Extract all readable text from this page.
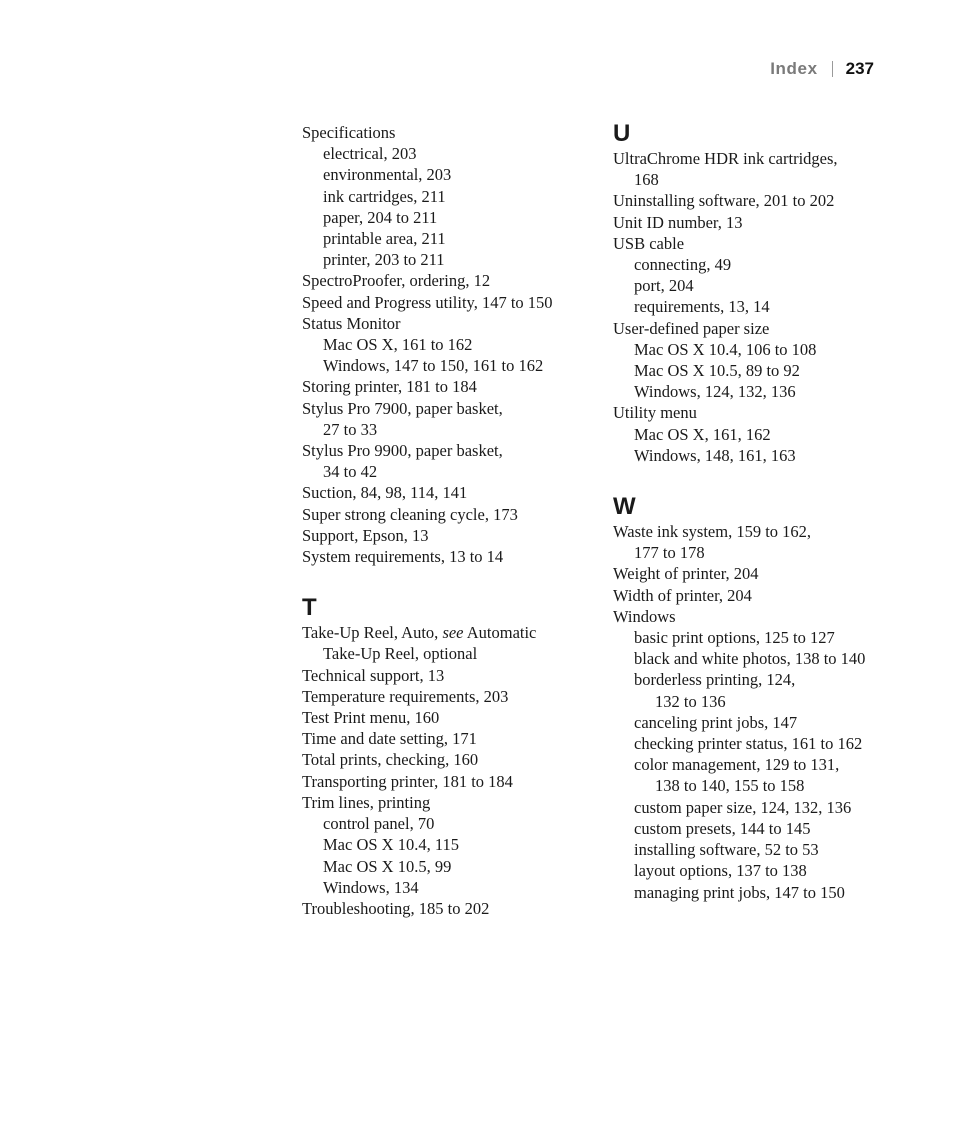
Index 237
Specifications
electrical, 203
environmental, 203
ink cartridges, 211
paper, 204 to 211
printable area, 211
printer, 203 to 211
SpectroProofer, ordering, 12
Speed and Progress utility, 147 to 150
Status Monitor
Mac OS X, 161 to 162
Windows, 147 to 150, 161 to 162
Storing printer, 181 to 184
Stylus Pro 7900, paper basket,
27 to 33
Stylus Pro 9900, paper basket,
34 to 42
Suction, 84, 98, 114, 141
Super strong cleaning cycle, 173
Support, Epson, 13
System requirements, 13 to 14
T
Take-Up Reel, Auto, see Automatic
Take-Up Reel, optional
Technical support, 13
Temperature requirements, 203
Test Print menu, 160
Time and date setting, 171
Total prints, checking, 160
Transporting printer, 181 to 184
Trim lines, printing
control panel, 70
Mac OS X 10.4, 115
Mac OS X 10.5, 99
Windows, 134
Troubleshooting, 185 to 202
U
UltraChrome HDR ink cartridges,
168
Uninstalling software, 201 to 202
Unit ID number, 13
USB cable
connecting, 49
port, 204
requirements, 13, 14
User-defined paper size
Mac OS X 10.4, 106 to 108
Mac OS X 10.5, 89 to 92
Windows, 124, 132, 136
Utility menu
Mac OS X, 161, 162
Windows, 148, 161, 163
W
Waste ink system, 159 to 162,
177 to 178
Weight of printer, 204
Width of printer, 204
Windows
basic print options, 125 to 127
black and white photos, 138 to 140
borderless printing, 124,
132 to 136
canceling print jobs, 147
checking printer status, 161 to 162
color management, 129 to 131,
138 to 140, 155 to 158
custom paper size, 124, 132, 136
custom presets, 144 to 145
installing software, 52 to 53
layout options, 137 to 138
managing print jobs, 147 to 150
